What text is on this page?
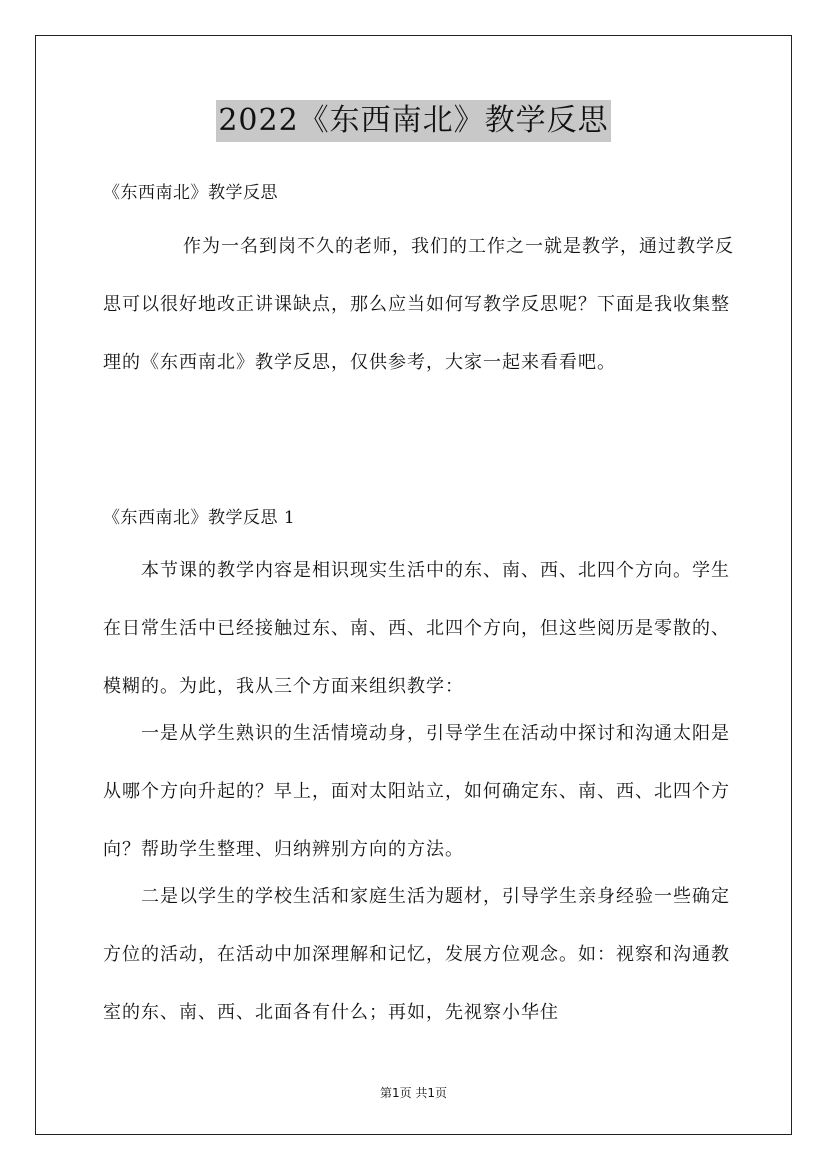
2022《东西南北》教学反思

《东西南北》教学反思

作为一名到岗不久的老师，我们的工作之一就是教学，通过教学反思可以很好地改正讲课缺点，那么应当如何写教学反思呢？下面是我收集整理的《东西南北》教学反思，仅供参考，大家一起来看看吧。

《东西南北》教学反思 1

本节课的教学内容是相识现实生活中的东、南、西、北四个方向。学生在日常生活中已经接触过东、南、西、北四个方向，但这些阅历是零散的、模糊的。为此，我从三个方面来组织教学：

一是从学生熟识的生活情境动身，引导学生在活动中探讨和沟通太阳是从哪个方向升起的？早上，面对太阳站立，如何确定东、南、西、北四个方向？帮助学生整理、归纳辨别方向的方法。

二是以学生的学校生活和家庭生活为题材，引导学生亲身经验一些确定方位的活动，在活动中加深理解和记忆，发展方位观念。如：视察和沟通教室的东、南、西、北面各有什么；再如，先视察小华住

第1页 共1页
